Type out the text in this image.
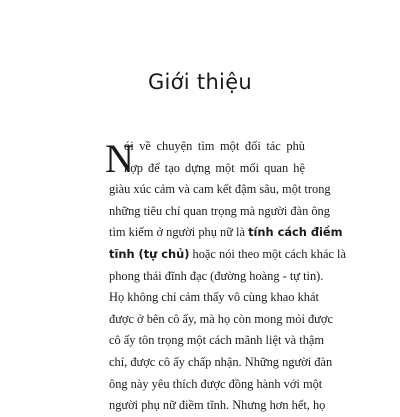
Giới thiệu
N
ói về chuyện tìm một đối tác phù
hợp để tạo dựng một mối quan hệ
giàu xúc cảm và cam kết đậm sâu, một trong
những tiêu chí quan trọng mà người đàn ông
tìm kiếm ở người phụ nữ là tính cách điềm
tĩnh (tự chủ) hoặc nói theo một cách khác là
phong thái đĩnh đạc (đường hoàng - tự tin).
Họ không chỉ cảm thấy vô cùng khao khát
được ở bên cô ấy, mà họ còn mong mỏi được
cô ấy tôn trọng một cách mãnh liệt và thậm
chí, được cô ấy chấp nhận. Những người đàn
ông này yêu thích được đồng hành với một
người phụ nữ điềm tĩnh. Nhưng hơn hết, họ
